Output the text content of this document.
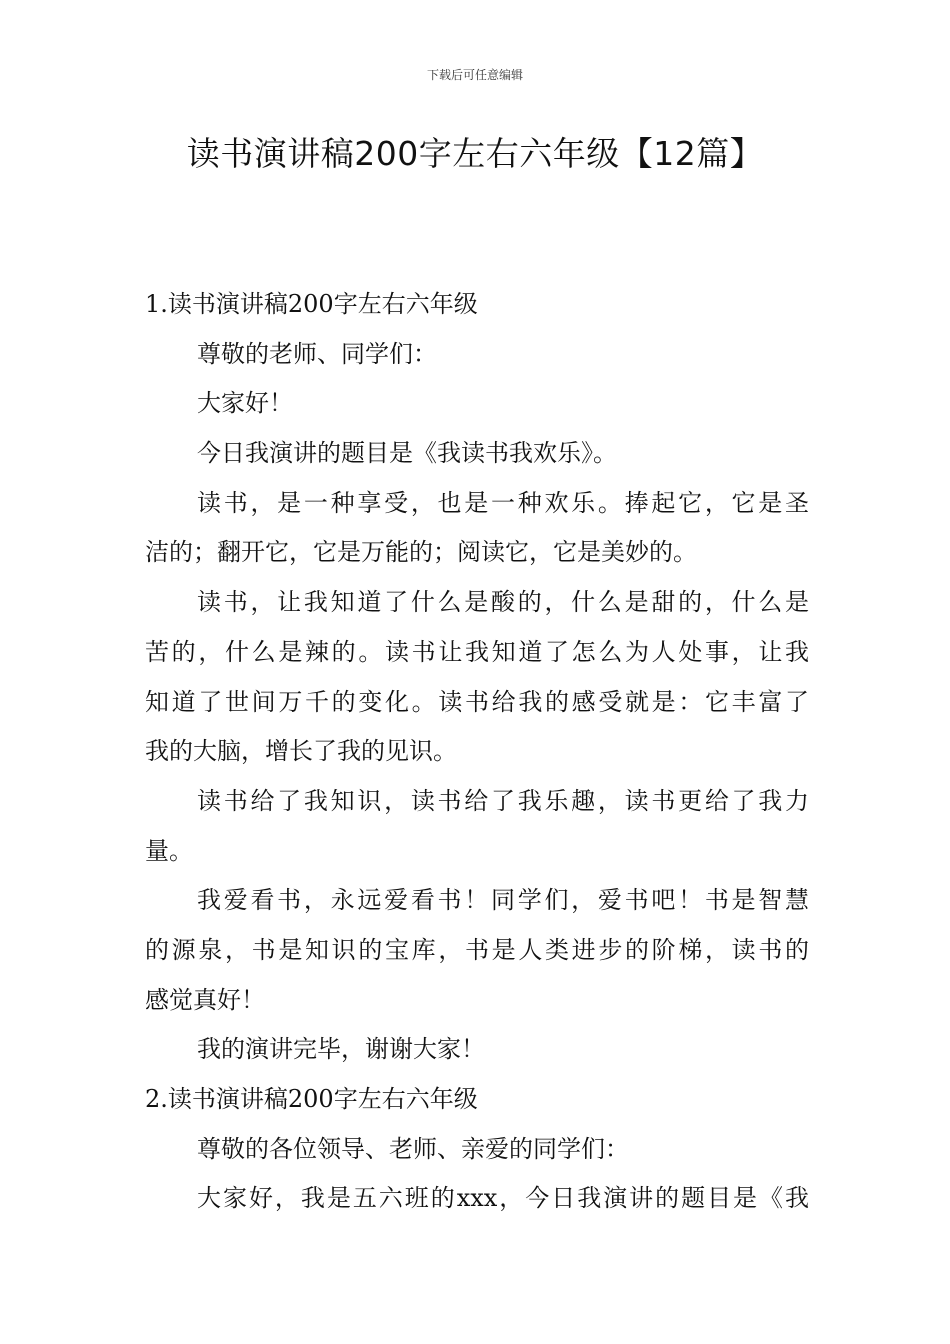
下载后可任意编辑
读书演讲稿200字左右六年级【12篇】
1.读书演讲稿200字左右六年级
尊敬的老师、同学们：
大家好！
今日我演讲的题目是《我读书我欢乐》。
读书，是一种享受，也是一种欢乐。捧起它，它是圣
洁的；翻开它，它是万能的；阅读它，它是美妙的。
读书，让我知道了什么是酸的，什么是甜的，什么是
苦的，什么是辣的。读书让我知道了怎么为人处事，让我
知道了世间万千的变化。读书给我的感受就是：它丰富了
我的大脑，增长了我的见识。
读书给了我知识，读书给了我乐趣，读书更给了我力
量。
我爱看书，永远爱看书！同学们，爱书吧！书是智慧
的源泉，书是知识的宝库，书是人类进步的阶梯，读书的
感觉真好！
我的演讲完毕，谢谢大家！
2.读书演讲稿200字左右六年级
尊敬的各位领导、老师、亲爱的同学们：
大家好，我是五六班的xxx，今日我演讲的题目是《我
